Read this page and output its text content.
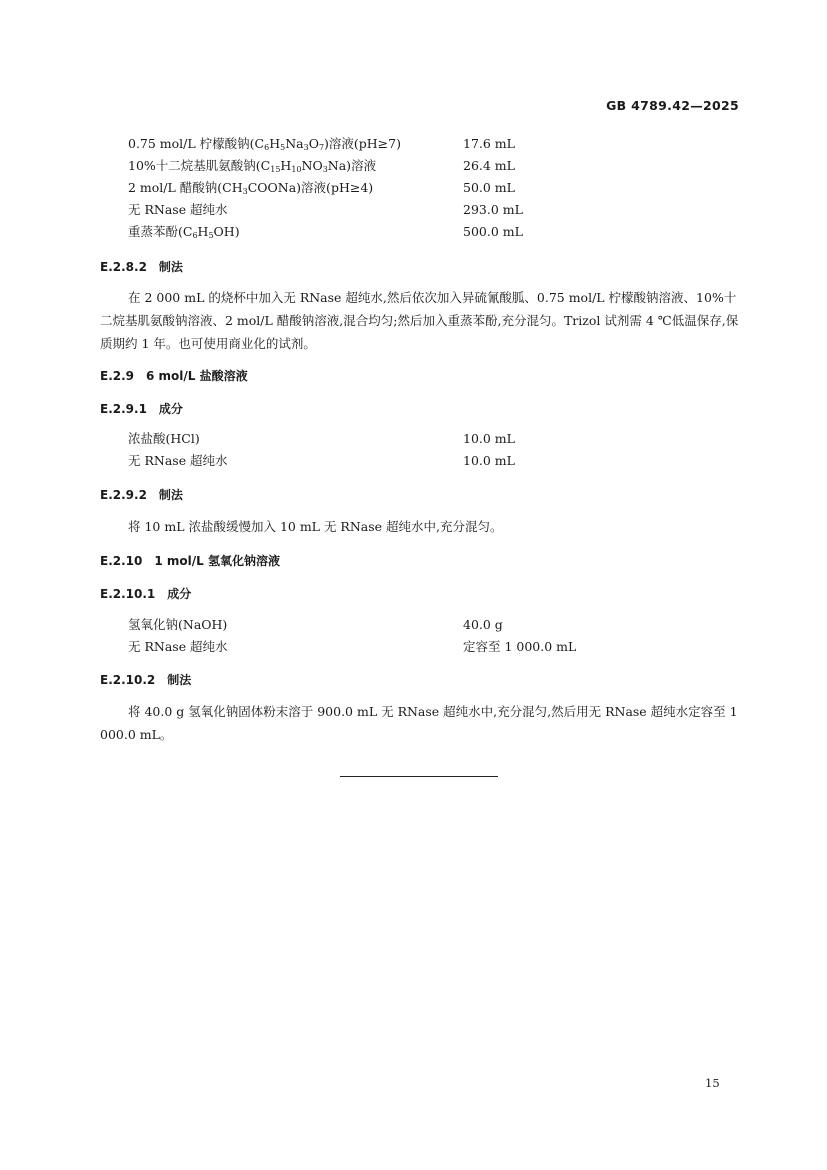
GB 4789.42—2025
0.75 mol/L 柠檬酸钠$(C_6H_5Na_3O_7)$溶液(pH≥7)	17.6 mL
10%十二烷基肌氨酸钠$(C_{15}H_{10}NO_3Na)$溶液	26.4 mL
2 mol/L 醋酸钠$(CH_3COONa)$溶液(pH≥4)	50.0 mL
无 RNase 超纯水	293.0 mL
重蒸苯酚$(C_6H_5OH)$	500.0 mL
E.2.8.2 制法
在 2 000 mL 的烧杯中加入无 RNase 超纯水,然后依次加入异硫氰酸胍、0.75 mol/L 柠檬酸钠溶液、10%十二烷基肌氨酸钠溶液、2 mol/L 醋酸钠溶液,混合均匀;然后加入重蒸苯酚,充分混匀。Trizol 试剂需 4 ℃低温保存,保质期约 1 年。也可使用商业化的试剂。
E.2.9 6 mol/L 盐酸溶液
E.2.9.1 成分
浓盐酸(HCl)	10.0 mL
无 RNase 超纯水	10.0 mL
E.2.9.2 制法
将 10 mL 浓盐酸缓慢加入 10 mL 无 RNase 超纯水中,充分混匀。
E.2.10 1 mol/L 氢氧化钠溶液
E.2.10.1 成分
氢氧化钠(NaOH)	40.0 g
无 RNase 超纯水	定容至 1 000.0 mL
E.2.10.2 制法
将 40.0 g 氢氧化钠固体粉末溶于 900.0 mL 无 RNase 超纯水中,充分混匀,然后用无 RNase 超纯水定容至 1 000.0 mL。
15
